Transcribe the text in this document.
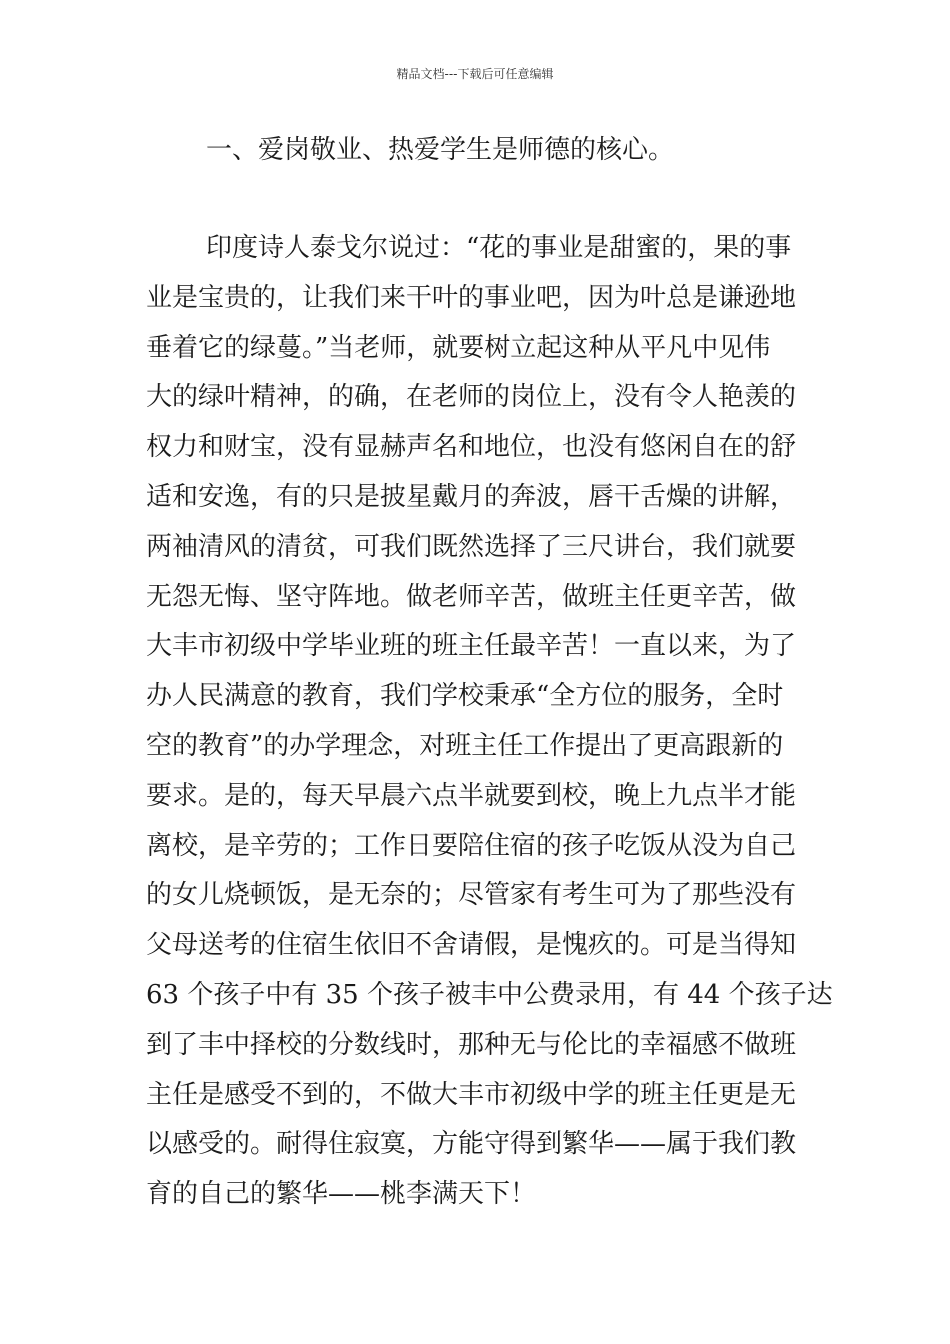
精品文档---下载后可任意编辑
一、爱岗敬业、热爱学生是师德的核心。
印度诗人泰戈尔说过：“花的事业是甜蜜的，果的事
业是宝贵的，让我们来干叶的事业吧，因为叶总是谦逊地
垂着它的绿蔓。”当老师，就要树立起这种从平凡中见伟
大的绿叶精神，的确，在老师的岗位上，没有令人艳羡的
权力和财宝，没有显赫声名和地位，也没有悠闲自在的舒
适和安逸，有的只是披星戴月的奔波，唇干舌燥的讲解，
两袖清风的清贫，可我们既然选择了三尺讲台，我们就要
无怨无悔、坚守阵地。做老师辛苦，做班主任更辛苦，做
大丰市初级中学毕业班的班主任最辛苦！一直以来，为了
办人民满意的教育，我们学校秉承“全方位的服务，全时
空的教育”的办学理念，对班主任工作提出了更高跟新的
要求。是的，每天早晨六点半就要到校，晚上九点半才能
离校，是辛劳的；工作日要陪住宿的孩子吃饭从没为自己
的女儿烧顿饭，是无奈的；尽管家有考生可为了那些没有
父母送考的住宿生依旧不舍请假，是愧疚的。可是当得知
63 个孩子中有 35 个孩子被丰中公费录用，有 44 个孩子达
到了丰中择校的分数线时，那种无与伦比的幸福感不做班
主任是感受不到的，不做大丰市初级中学的班主任更是无
以感受的。耐得住寂寞，方能守得到繁华——属于我们教
育的自己的繁华——桃李满天下！
